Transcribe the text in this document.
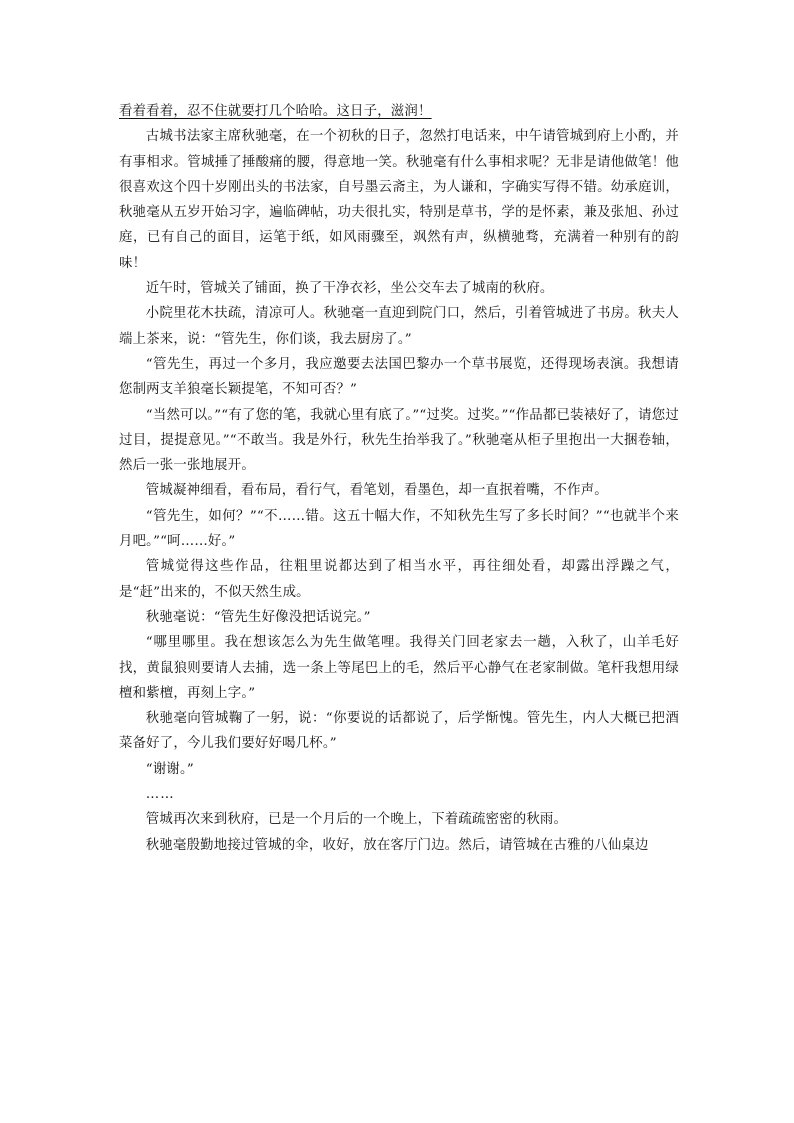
看着看着，忍不住就要打几个哈哈。这日子，滋润！

古城书法家主席秋驰毫，在一个初秋的日子，忽然打电话来，中午请管城到府上小酌，并有事相求。管城捶了捶酸痛的腰，得意地一笑。秋驰毫有什么事相求呢？无非是请他做笔！他很喜欢这个四十岁刚出头的书法家，自号墨云斋主，为人谦和，字确实写得不错。幼承庭训，秋驰毫从五岁开始习字，遍临碑帖，功夫很扎实，特别是草书，学的是怀素，兼及张旭、孙过庭，已有自己的面目，运笔于纸，如风雨骤至，飒然有声，纵横驰骛，充满着一种别有的韵味！

近午时，管城关了铺面，换了干净衣衫，坐公交车去了城南的秋府。

小院里花木扶疏，清凉可人。秋驰毫一直迎到院门口，然后，引着管城进了书房。秋夫人端上茶来，说：“管先生，你们谈，我去厨房了。”

“管先生，再过一个多月，我应邀要去法国巴黎办一个草书展览，还得现场表演。我想请您制两支羊狼毫长颖提笔，不知可否？”

“当然可以。”“有了您的笔，我就心里有底了。”“过奖。过奖。”“作品都已装裱好了，请您过过目，提提意见。”“不敢当。我是外行，秋先生抬举我了。”秋驰毫从柜子里抱出一大捆卷轴，然后一张一张地展开。

管城凝神细看，看布局，看行气，看笔划，看墨色，却一直抿着嘴，不作声。

“管先生，如何？”“不……错。这五十幅大作，不知秋先生写了多长时间？”“也就半个来月吧。”“呵……好。”

管城觉得这些作品，往粗里说都达到了相当水平，再往细处看，却露出浮躁之气，是“赶”出来的，不似天然生成。

秋驰毫说：“管先生好像没把话说完。”

“哪里哪里。我在想该怎么为先生做笔哩。我得关门回老家去一趟，入秋了，山羊毛好找，黄鼠狼则要请人去捕，选一条上等尾巴上的毛，然后平心静气在老家制做。笔杆我想用绿檀和紫檀，再刻上字。”

秋驰毫向管城鞠了一躬，说：“你要说的话都说了，后学惭愧。管先生，内人大概已把酒菜备好了，今儿我们要好好喝几杯。”

“谢谢。”

……

管城再次来到秋府，已是一个月后的一个晚上，下着疏疏密密的秋雨。

秋驰毫殷勤地接过管城的伞，收好，放在客厅门边。然后，请管城在古雅的八仙桌边
